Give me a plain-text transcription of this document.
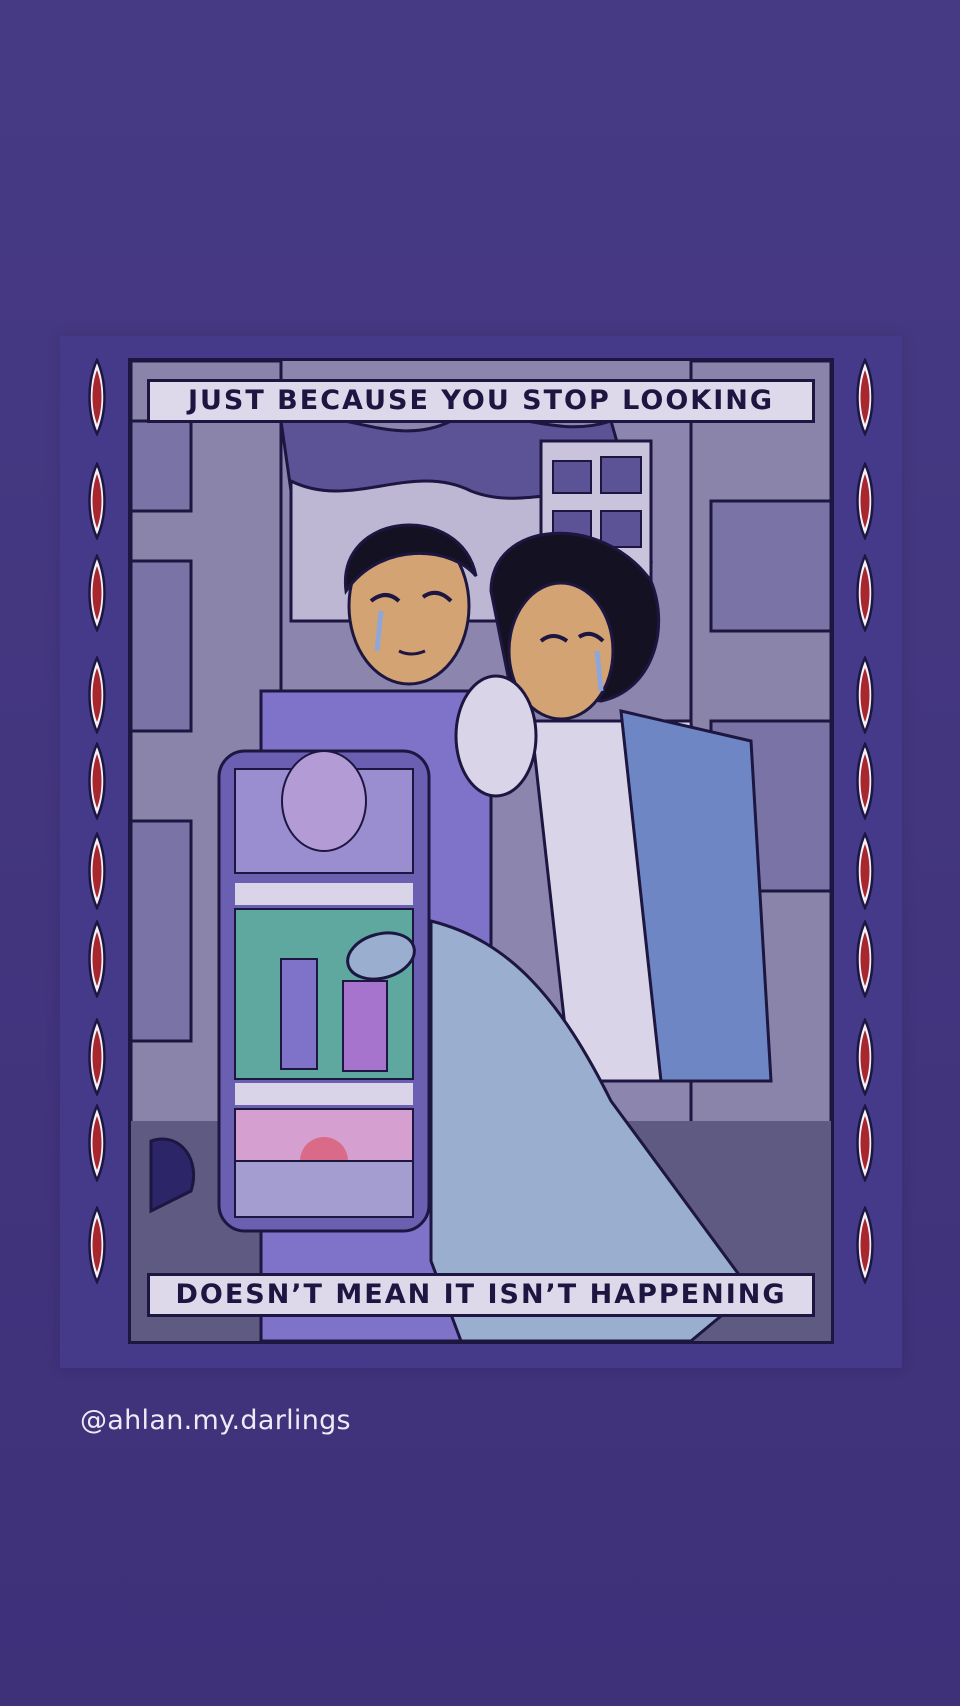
JUST BECAUSE YOU STOP LOOKING
DOESN’T MEAN IT ISN’T HAPPENING
@ahlan.my.darlings
